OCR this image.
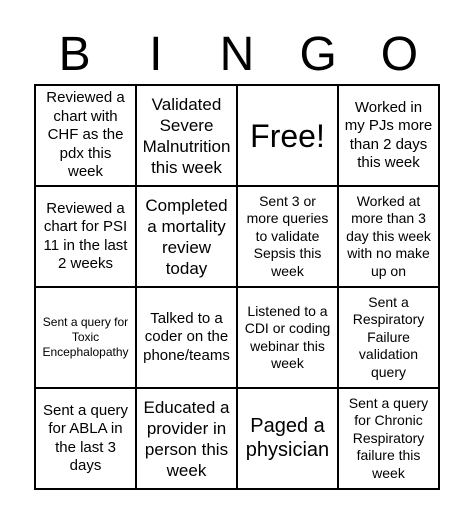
B	I	N G O
Reviewed a chart with CHF as the pdx this week
Validated Severe Malnutrition this week
Free!
Worked in my PJs more than 2 days this week
Reviewed a chart for PSI 11 in the last 2 weeks
Completed a mortality review today
Sent 3 or more queries to validate Sepsis this week
Worked at more than 3 day this week with no make up on
Sent a query for Toxic Encephalopathy
Talked to a coder on the phone/teams
Listened to a CDI or coding webinar this week
Sent a Respiratory Failure validation query
Sent a query for ABLA in the last 3 days
Educated a provider in person this week
Paged a physician
Sent a query for Chronic Respiratory failure this week
